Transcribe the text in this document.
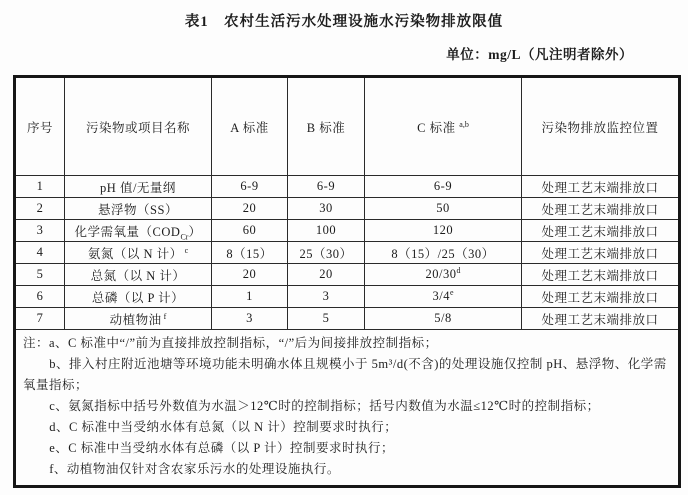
表1　农村生活污水处理设施水污染物排放限值
单位：mg/L（凡注明者除外）
序号	污染物或项目名称	A 标准	B 标准	C 标准 $^{a,b}$	污染物排放监控位置
1	pH 值/无量纲	6-9	6-9	6-9	处理工艺末端排放口
2	悬浮物（SS）	20	30	50	处理工艺末端排放口
3	化学需氧量$(COD_{Cr})$	60	100	120	处理工艺末端排放口
4	氨氮（以 N 计） $^c$	8（15）	25（30）	8（15）/25（30）	处理工艺末端排放口
5	总氮（以 N 计）	20	20	20/30$^d$	处理工艺末端排放口
6	总磷（以 P 计）	1	3	3/4e	处理工艺末端排放口
7	动植物油 $^f$	3	5	5/8	处理工艺末端排放口

注：a、C 标准中“/”前为直接排放控制指标，“/”后为间接排放控制指标；
b、排入村庄附近池塘等环境功能未明确水体且规模小于 5m³/d(不含)的处理设施仅控制 pH、悬浮物、化学需氧量指标；
c、氨氮指标中括号外数值为水温＞12℃时的控制指标；括号内数值为水温≤12℃时的控制指标；
d、C 标准中当受纳水体有总氮（以 N 计）控制要求时执行；
e、C 标准中当受纳水体有总磷（以 P 计）控制要求时执行；
f、动植物油仅针对含农家乐污水的处理设施执行。
